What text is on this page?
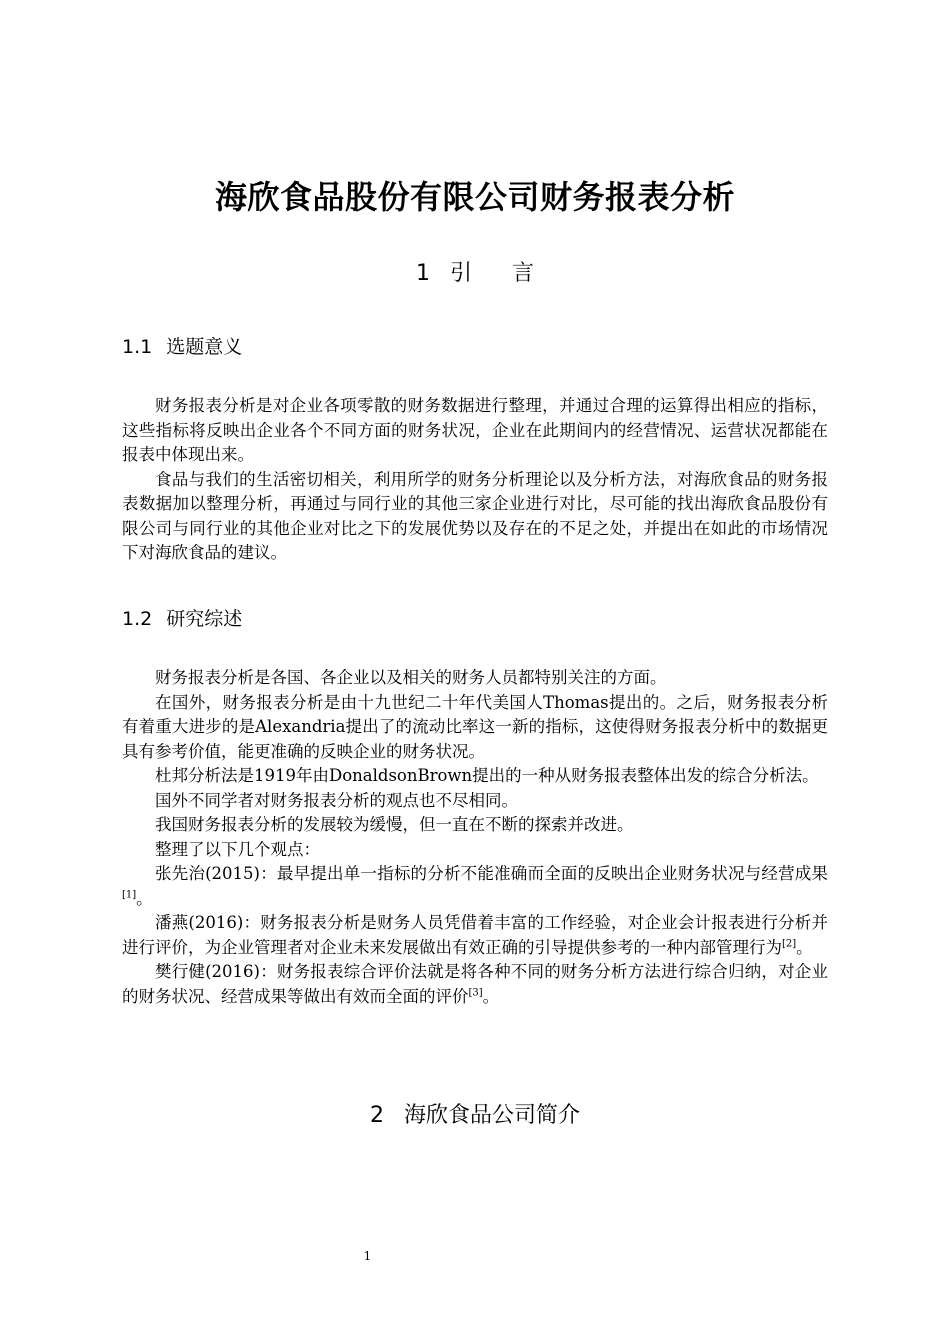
海欣食品股份有限公司财务报表分析
1 引言
1.1 选题意义

财务报表分析是对企业各项零散的财务数据进行整理，并通过合理的运算得出相应的指标，这些指标将反映出企业各个不同方面的财务状况，企业在此期间内的经营情况、运营状况都能在报表中体现出来。

食品与我们的生活密切相关，利用所学的财务分析理论以及分析方法，对海欣食品的财务报表数据加以整理分析，再通过与同行业的其他三家企业进行对比，尽可能的找出海欣食品股份有限公司与同行业的其他企业对比之下的发展优势以及存在的不足之处，并提出在如此的市场情况下对海欣食品的建议。

1.2 研究综述

财务报表分析是各国、各企业以及相关的财务人员都特别关注的方面。

在国外，财务报表分析是由十九世纪二十年代美国人Thomas提出的。之后，财务报表分析有着重大进步的是Alexandria提出了的流动比率这一新的指标，这使得财务报表分析中的数据更具有参考价值，能更准确的反映企业的财务状况。

杜邦分析法是1919年由DonaldsonBrown提出的一种从财务报表整体出发的综合分析法。

国外不同学者对财务报表分析的观点也不尽相同。

我国财务报表分析的发展较为缓慢，但一直在不断的探索并改进。

整理了以下几个观点：

张先治(2015)：最早提出单一指标的分析不能准确而全面的反映出企业财务状况与经营成果[1]。

潘燕(2016)：财务报表分析是财务人员凭借着丰富的工作经验，对企业会计报表进行分析并进行评价，为企业管理者对企业未来发展做出有效正确的引导提供参考的一种内部管理行为[2]。

樊行健(2016)：财务报表综合评价法就是将各种不同的财务分析方法进行综合归纳，对企业的财务状况、经营成果等做出有效而全面的评价[3]。

2 海欣食品公司简介
1
